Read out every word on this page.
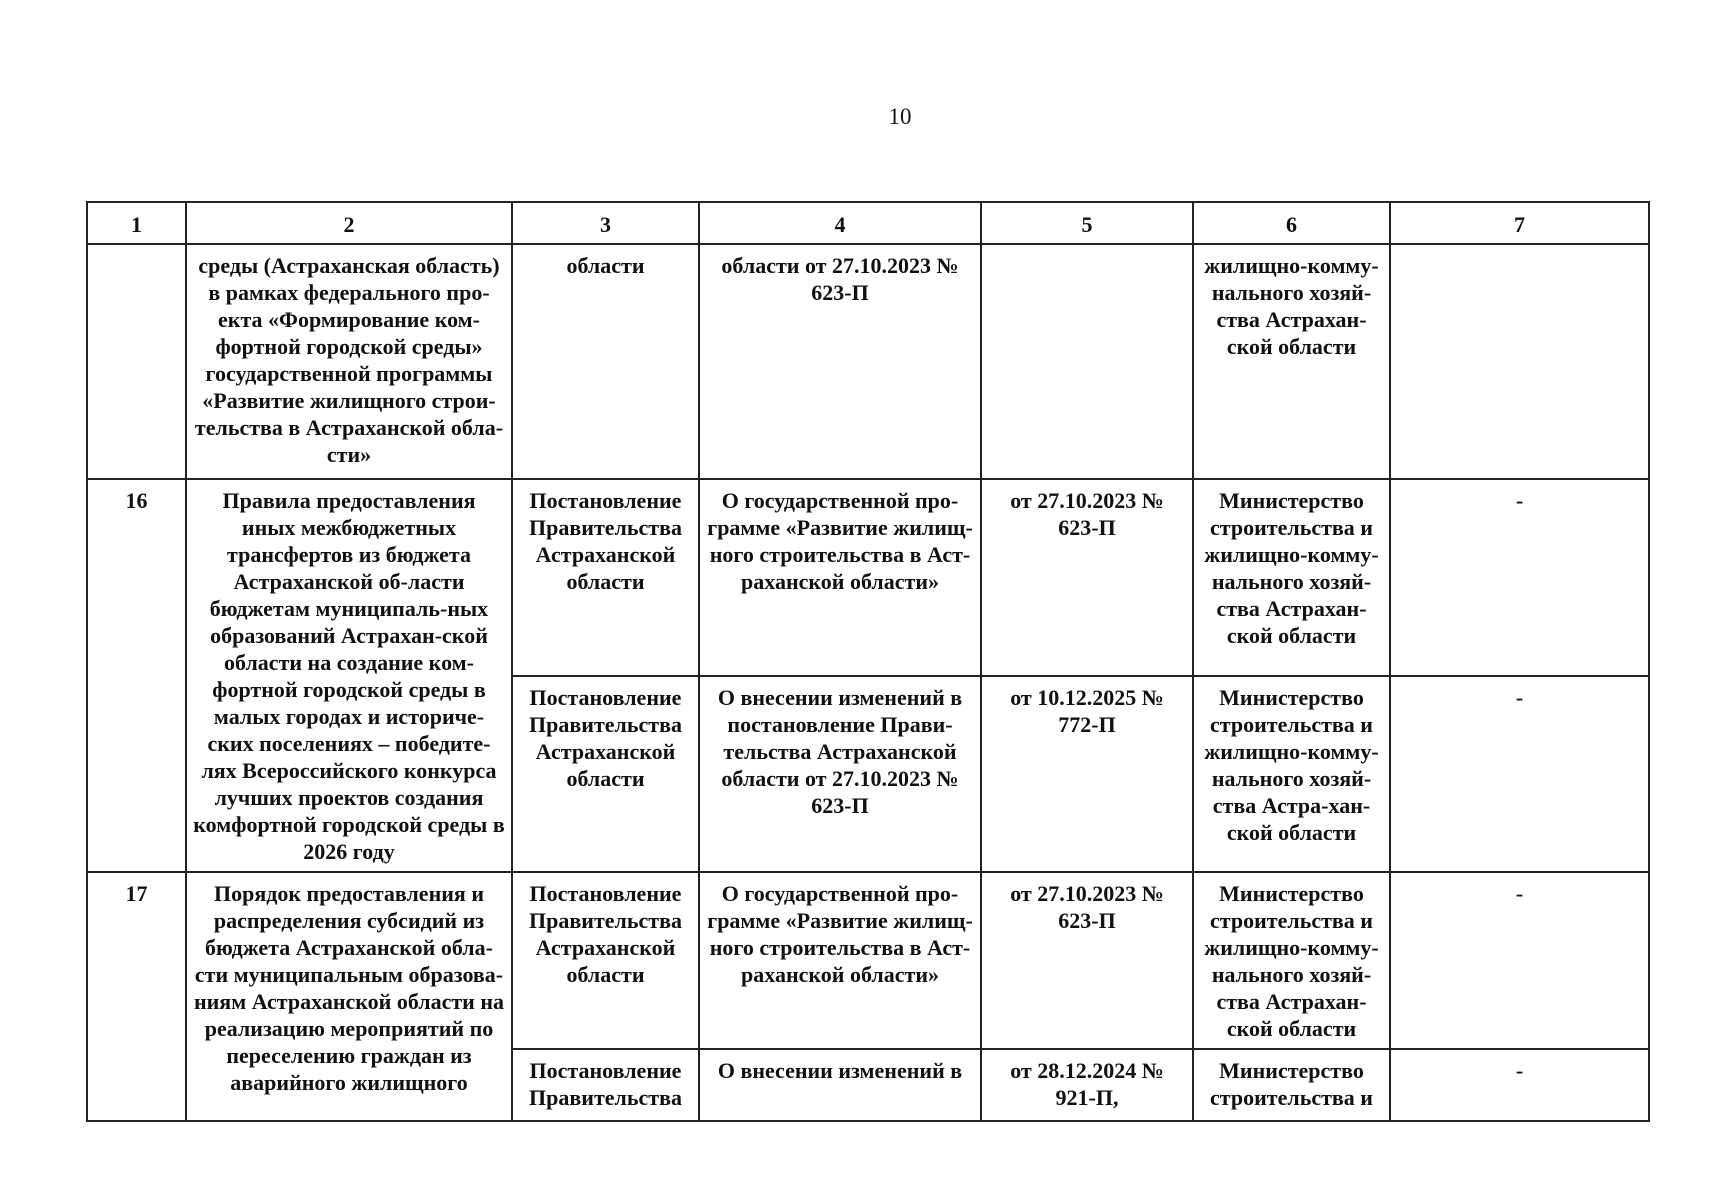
10
1	2	3	4	5	6	7
	среды (Астраханская область) в рамках федерального про-екта «Формирование ком-фортной городской среды» государственной программы «Развитие жилищного строи-тельства в Астраханской обла-сти»	области	области от 27.10.2023 № 623-П		жилищно-комму-нального хозяй-ства Астрахан-ской области	
16	Правила предоставления иных межбюджетных трансфертов из бюджета Астраханской об-ласти бюджетам муниципаль-ных образований Астрахан-ской области на создание ком-фортной городской среды в малых городах и историче-ских поселениях – победите-лях Всероссийского конкурса лучших проектов создания комфортной городской среды в 2026 году	Постановление Правительства Астраханской области	О государственной про-грамме «Развитие жилищ-ного строительства в Аст-раханской области»	от 27.10.2023 № 623-П	Министерство строительства и жилищно-комму-нального хозяй-ства Астрахан-ской области	-
		Постановление Правительства Астраханской области	О внесении изменений в постановление Прави-тельства Астраханской области от 27.10.2023 № 623-П	от 10.12.2025 № 772-П	Министерство строительства и жилищно-комму-нального хозяй-ства Астра-хан-ской области	-
17	Порядок предоставления и распределения субсидий из бюджета Астраханской обла-сти муниципальным образова-ниям Астраханской области на реализацию мероприятий по переселению граждан из аварийного жилищного	Постановление Правительства Астраханской области	О государственной про-грамме «Развитие жилищ-ного строительства в Аст-раханской области»	от 27.10.2023 № 623-П	Министерство строительства и жилищно-комму-нального хозяй-ства Астрахан-ской области	-
		Постановление Правительства	О внесении изменений в	от 28.12.2024 № 921-П,	Министерство строительства и	-
